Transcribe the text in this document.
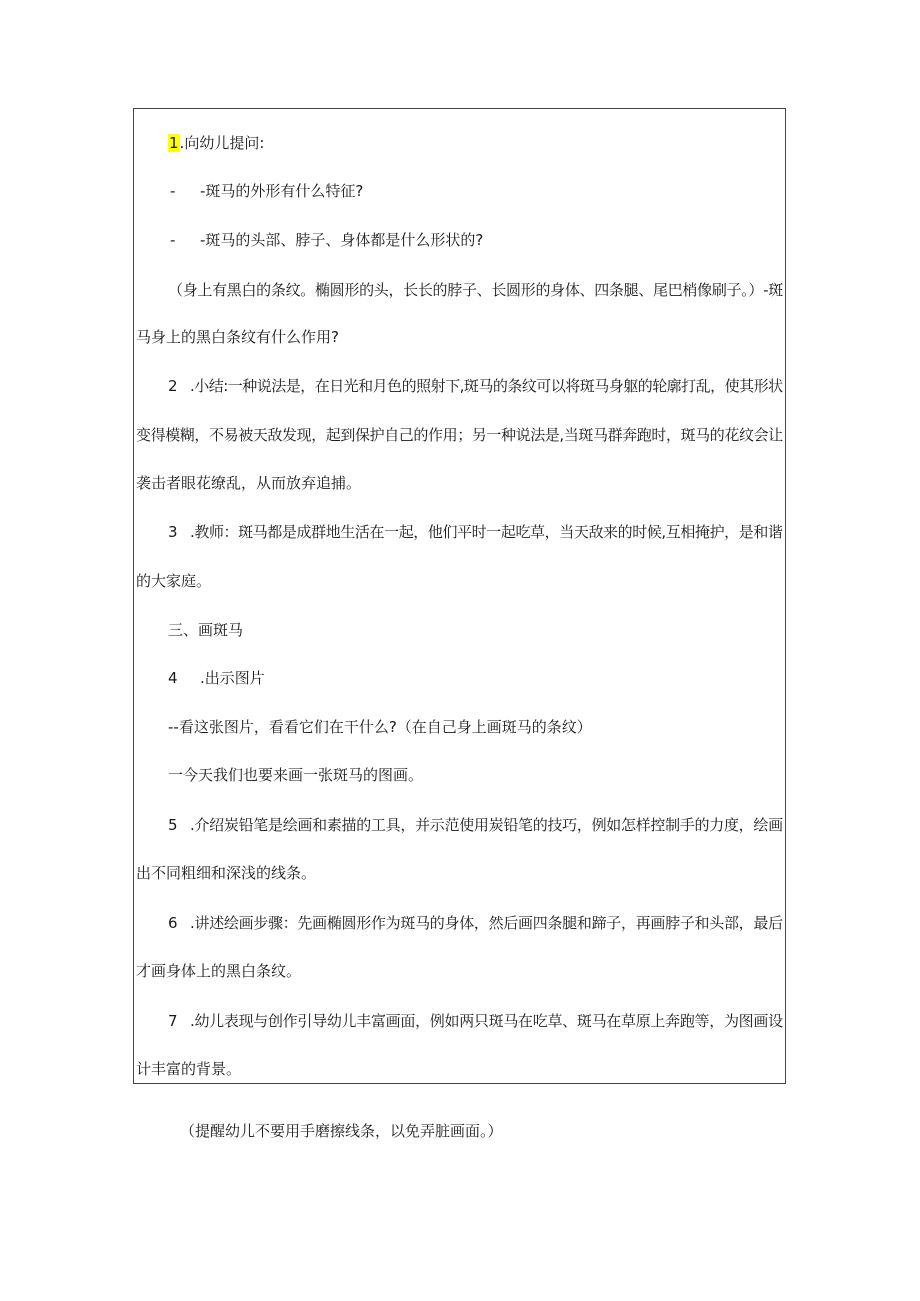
1.向幼儿提问:
- -斑马的外形有什么特征?
- -斑马的头部、脖子、身体都是什么形状的?
（身上有黑白的条纹。椭圆形的头，长长的脖子、长圆形的身体、四条腿、尾巴梢像刷子。）-斑
马身上的黑白条纹有什么作用?
2 .小结:一种说法是，在日光和月色的照射下,斑马的条纹可以将斑马身躯的轮廓打乱，使其形状
变得模糊，不易被天敌发现，起到保护自己的作用；另一种说法是,当斑马群奔跑时，斑马的花纹会让
袭击者眼花缭乱，从而放弃追捕。
3 .教师：斑马都是成群地生活在一起，他们平时一起吃草，当天敌来的时候,互相掩护，是和谐
的大家庭。
三、画斑马
4 .出示图片
--看这张图片，看看它们在干什么?（在自己身上画斑马的条纹）
一今天我们也要来画一张斑马的图画。
5 .介绍炭铅笔是绘画和素描的工具，并示范使用炭铅笔的技巧，例如怎样控制手的力度，绘画
出不同粗细和深浅的线条。
6 .讲述绘画步骤：先画椭圆形作为斑马的身体，然后画四条腿和蹄子，再画脖子和头部，最后
才画身体上的黑白条纹。
7 .幼儿表现与创作引导幼儿丰富画面，例如两只斑马在吃草、斑马在草原上奔跑等，为图画设
计丰富的背景。
（提醒幼儿不要用手磨擦线条，以免弄脏画面。）
